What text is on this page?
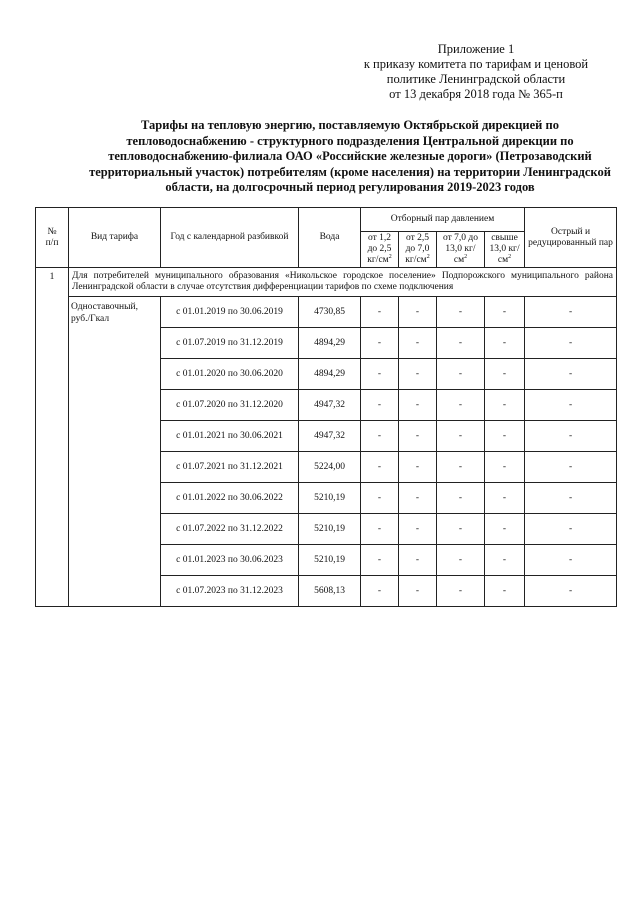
Приложение 1
к приказу комитета по тарифам и ценовой
политике Ленинградской области
от 13 декабря 2018 года № 365-п
Тарифы на тепловую энергию, поставляемую Октябрьской дирекцией по
тепловодоснабжению - структурного подразделения Центральной дирекции по
тепловодоснабжению-филиала ОАО «Российские железные дороги» (Петрозаводский
территориальный участок) потребителям (кроме населения) на территории Ленинградской
области, на долгосрочный период регулирования 2019-2023 годов
№
п/п	Вид тарифа	Год с календарной разбивкой	Вода	Отборный пар давлением				Острый и редуцированный пар
				от 1,2 до 2,5 $кг/см^2$	от 2,5 до 7,0 $кг/см^2$	от 7,0 до 13,0 $кг/см^2$	свыше 13,0 $кг/см^2$
1	Для потребителей муниципального образования «Никольское городское поселение» Подпорожского муниципального района Ленинградской области в случае отсутствия дифференциации тарифов по схеме подключения							
	Одноставочный, руб./Гкал	с 01.01.2019 по 30.06.2019	4730,85	-	-	-	-	-
		с 01.07.2019 по 31.12.2019	4894,29	-	-	-	-	-
		с 01.01.2020 по 30.06.2020	4894,29	-	-	-	-	-
		с 01.07.2020 по 31.12.2020	4947,32	-	-	-	-	-
		с 01.01.2021 по 30.06.2021	4947,32	-	-	-	-	-
		с 01.07.2021 по 31.12.2021	5224,00	-	-	-	-	-
		с 01.01.2022 по 30.06.2022	5210,19	-	-	-	-	-
		с 01.07.2022 по 31.12.2022	5210,19	-	-	-	-	-
		с 01.01.2023 по 30.06.2023	5210,19	-	-	-	-	-
		с 01.07.2023 по 31.12.2023	5608,13	-	-	-	-	-
